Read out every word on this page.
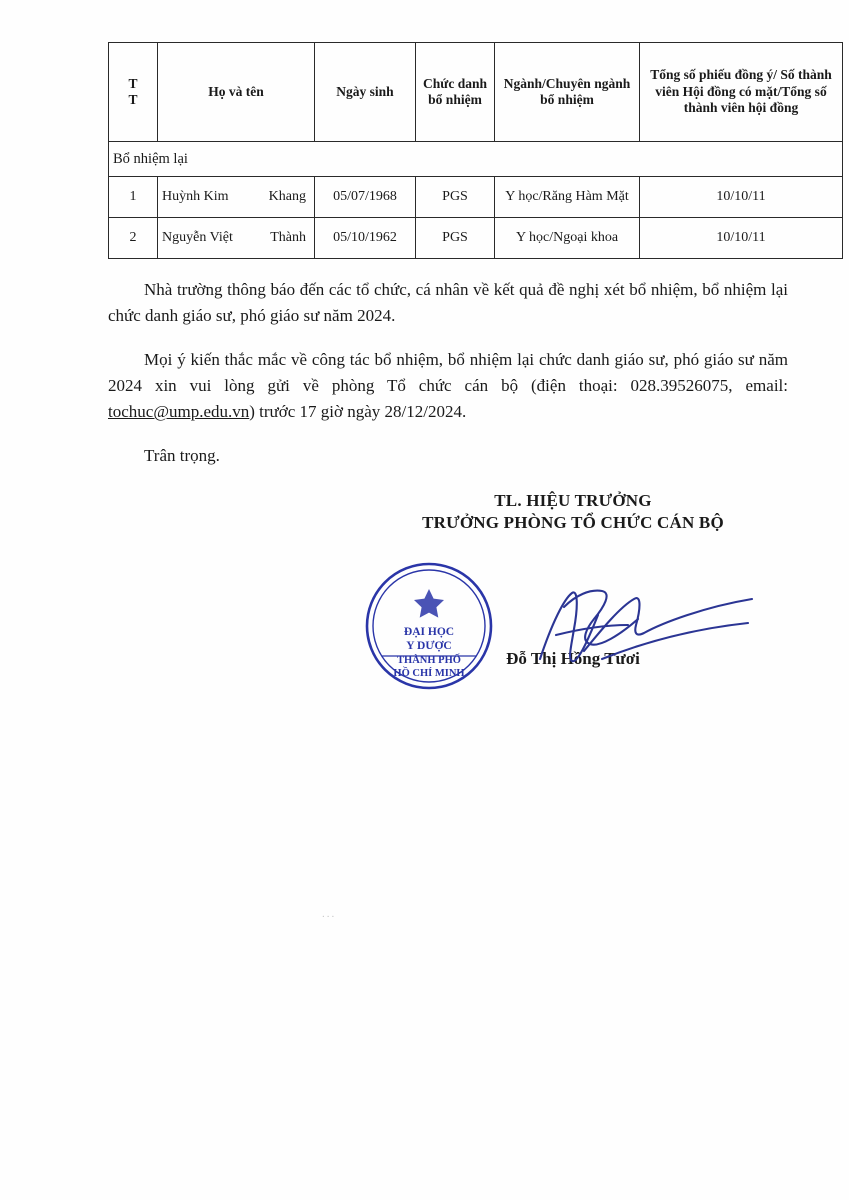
T
T	Họ và tên	Ngày sinh	Chức danh bổ nhiệm	Ngành/Chuyên ngành bổ nhiệm	Tổng số phiếu đồng ý/ Số thành viên Hội đồng có mặt/Tổng số thành viên hội đồng
Bổ nhiệm lại					
1	Huỳnh Kim Khang	05/07/1968	PGS	Y học/Răng Hàm Mặt	10/10/11
2	Nguyễn Việt Thành	05/10/1962	PGS	Y học/Ngoại khoa	10/10/11

Nhà trường thông báo đến các tổ chức, cá nhân về kết quả đề nghị xét bổ nhiệm, bổ nhiệm lại chức danh giáo sư, phó giáo sư năm 2024.

Mọi ý kiến thắc mắc về công tác bổ nhiệm, bổ nhiệm lại chức danh giáo sư, phó giáo sư năm 2024 xin vui lòng gửi về phòng Tổ chức cán bộ (điện thoại: 028.39526075, email: tochuc@ump.edu.vn) trước 17 giờ ngày 28/12/2024.

Trân trọng.

TL. HIỆU TRƯỞNG
TRƯỞNG PHÒNG TỔ CHỨC CÁN BỘ
ĐẠI HỌC
Y DƯỢC
THÀNH PHỐ
HỒ CHÍ MINH
Đỗ Thị Hồng Tươi
...
